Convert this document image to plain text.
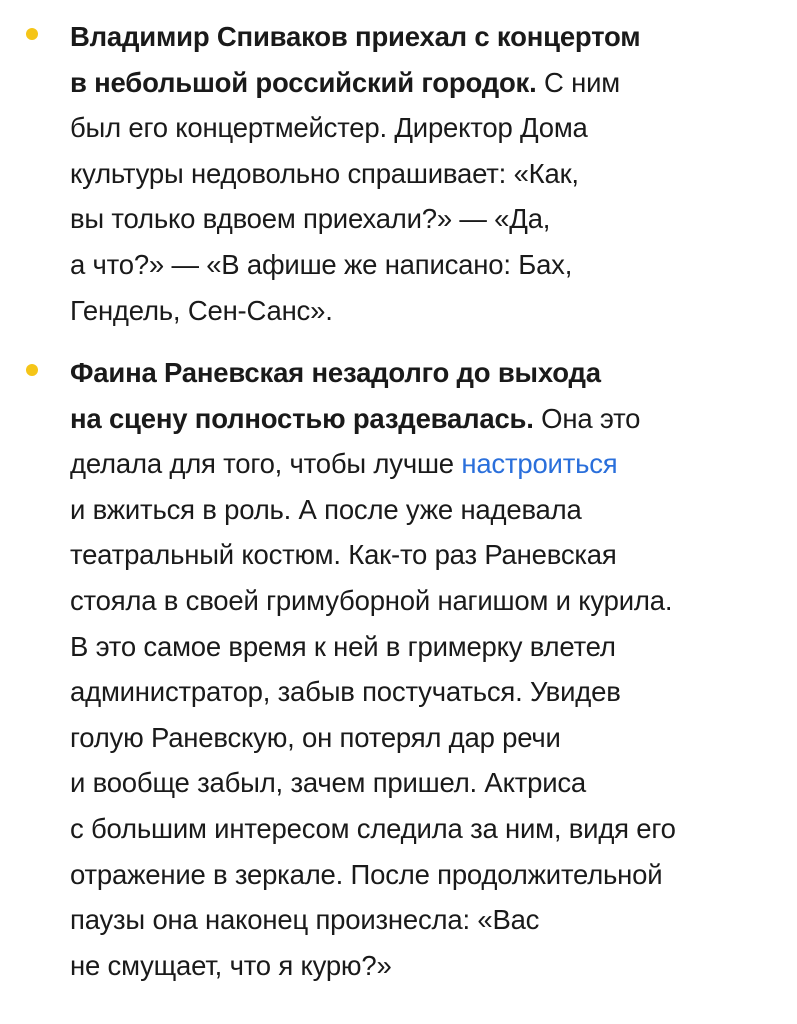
Владимир Спиваков приехал с концертом
в небольшой российский городок. С ним
был его концертмейстер. Директор Дома
культуры недовольно спрашивает: «Как,
вы только вдвоем приехали?» — «Да,
а что?» — «В афише же написано: Бах,
Гендель, Сен-Санс».
Фаина Раневская незадолго до выхода
на сцену полностью раздевалась. Она это
делала для того, чтобы лучше настроиться
и вжиться в роль. А после уже надевала
театральный костюм. Как-то раз Раневская
стояла в своей гримуборной нагишом и курила.
В это самое время к ней в гримерку влетел
администратор, забыв постучаться. Увидев
голую Раневскую, он потерял дар речи
и вообще забыл, зачем пришел. Актриса
с большим интересом следила за ним, видя его
отражение в зеркале. После продолжительной
паузы она наконец произнесла: «Вас
не смущает, что я курю?»
